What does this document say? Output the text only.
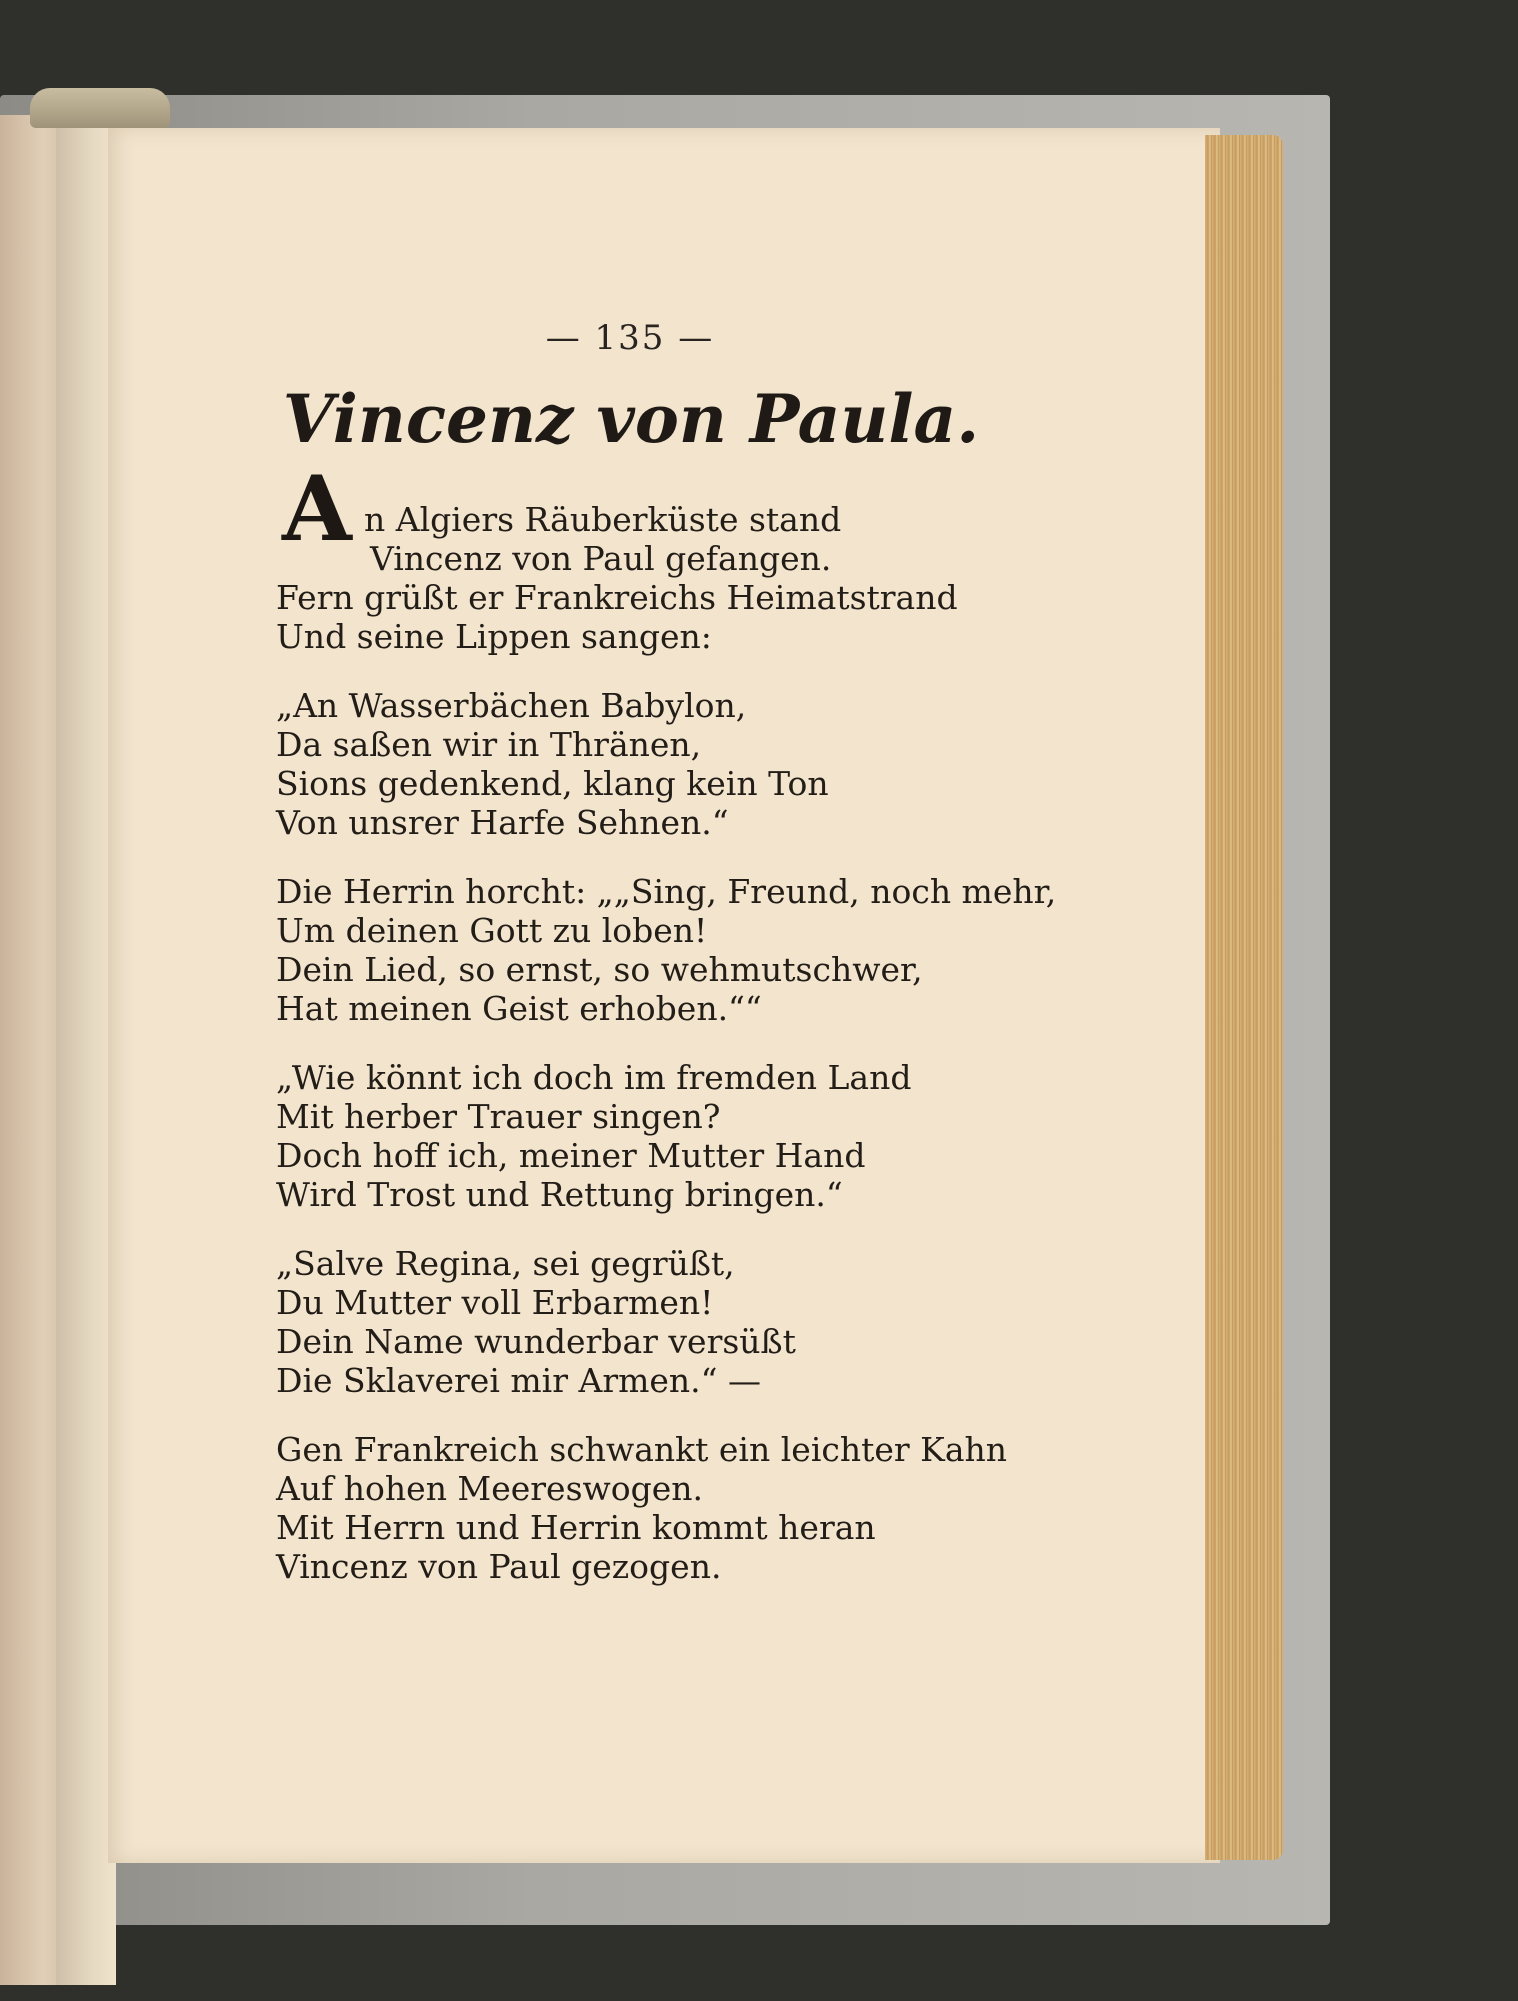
— 135 —
Vincenz von Paula.
A n Algiers Räuberküste stand
Vincenz von Paul gefangen.
Fern grüßt er Frankreichs Heimatstrand
Und seine Lippen sangen:
„An Wasserbächen Babylon,
Da saßen wir in Thränen,
Sions gedenkend, klang kein Ton
Von unsrer Harfe Sehnen.“
Die Herrin horcht: „„Sing, Freund, noch mehr,
Um deinen Gott zu loben!
Dein Lied, so ernst, so wehmutschwer,
Hat meinen Geist erhoben.““
„Wie könnt ich doch im fremden Land
Mit herber Trauer singen?
Doch hoff ich, meiner Mutter Hand
Wird Trost und Rettung bringen.“
„Salve Regina, sei gegrüßt,
Du Mutter voll Erbarmen!
Dein Name wunderbar versüßt
Die Sklaverei mir Armen.“ —
Gen Frankreich schwankt ein leichter Kahn
Auf hohen Meereswogen.
Mit Herrn und Herrin kommt heran
Vincenz von Paul gezogen.
